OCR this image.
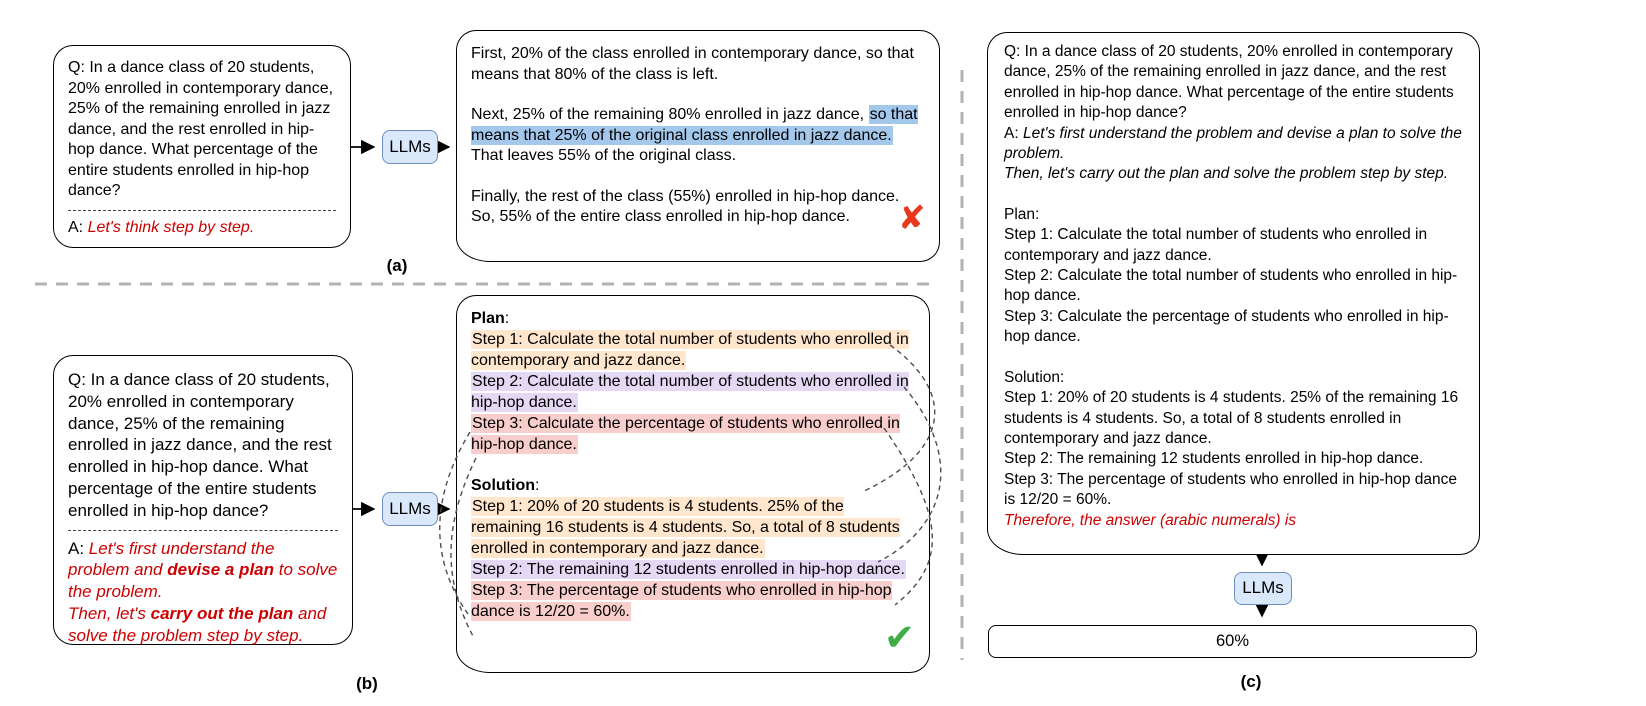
Q: In a dance class of 20 students, 20% enrolled in contemporary dance, 25% of the remaining enrolled in jazz dance, and the rest enrolled in hip-hop dance. What percentage of the entire students enrolled in hip-hop dance?
A: Let's think step by step.
LLMs

First, 20% of the class enrolled in contemporary dance, so that means that 80% of the class is left.

Next, 25% of the remaining 80% enrolled in jazz dance, so that means that 25% of the original class enrolled in jazz dance. That leaves 55% of the original class.

Finally, the rest of the class (55%) enrolled in hip-hop dance. So, 55% of the entire class enrolled in hip-hop dance.	✘
(a)
Q: In a dance class of 20 students, 20% enrolled in contemporary dance, 25% of the remaining enrolled in jazz dance, and the rest enrolled in hip-hop dance. What percentage of the entire students enrolled in hip-hop dance?
A: Let's first understand the problem and devise a plan to solve the problem.
Then, let's carry out the plan and solve the problem step by step.
LLMs
Plan:
Step 1: Calculate the total number of students who enrolled in contemporary and jazz dance.
Step 2: Calculate the total number of students who enrolled in hip-hop dance.
Step 3: Calculate the percentage of students who enrolled in hip-hop dance.
Solution:
Step 1: 20% of 20 students is 4 students. 25% of the remaining 16 students is 4 students. So, a total of 8 students enrolled in contemporary and jazz dance.
Step 2: The remaining 12 students enrolled in hip-hop dance.
Step 3: The percentage of students who enrolled in hip-hop dance is 12/20 = 60%.
✔
(b)
Q: In a dance class of 20 students, 20% enrolled in contemporary dance, 25% of the remaining enrolled in jazz dance, and the rest enrolled in hip-hop dance. What percentage of the entire students enrolled in hip-hop dance?
A: Let's first understand the problem and devise a plan to solve the problem.
Then, let's carry out the plan and solve the problem step by step.
Plan:
Step 1: Calculate the total number of students who enrolled in contemporary and jazz dance.
Step 2: Calculate the total number of students who enrolled in hip-hop dance.
Step 3: Calculate the percentage of students who enrolled in hip-hop dance.
Solution:
Step 1: 20% of 20 students is 4 students. 25% of the remaining 16 students is 4 students. So, a total of 8 students enrolled in contemporary and jazz dance.
Step 2: The remaining 12 students enrolled in hip-hop dance.
Step 3: The percentage of students who enrolled in hip-hop dance is 12/20 = 60%.
Therefore, the answer (arabic numerals) is
LLMs
60%
(c)
